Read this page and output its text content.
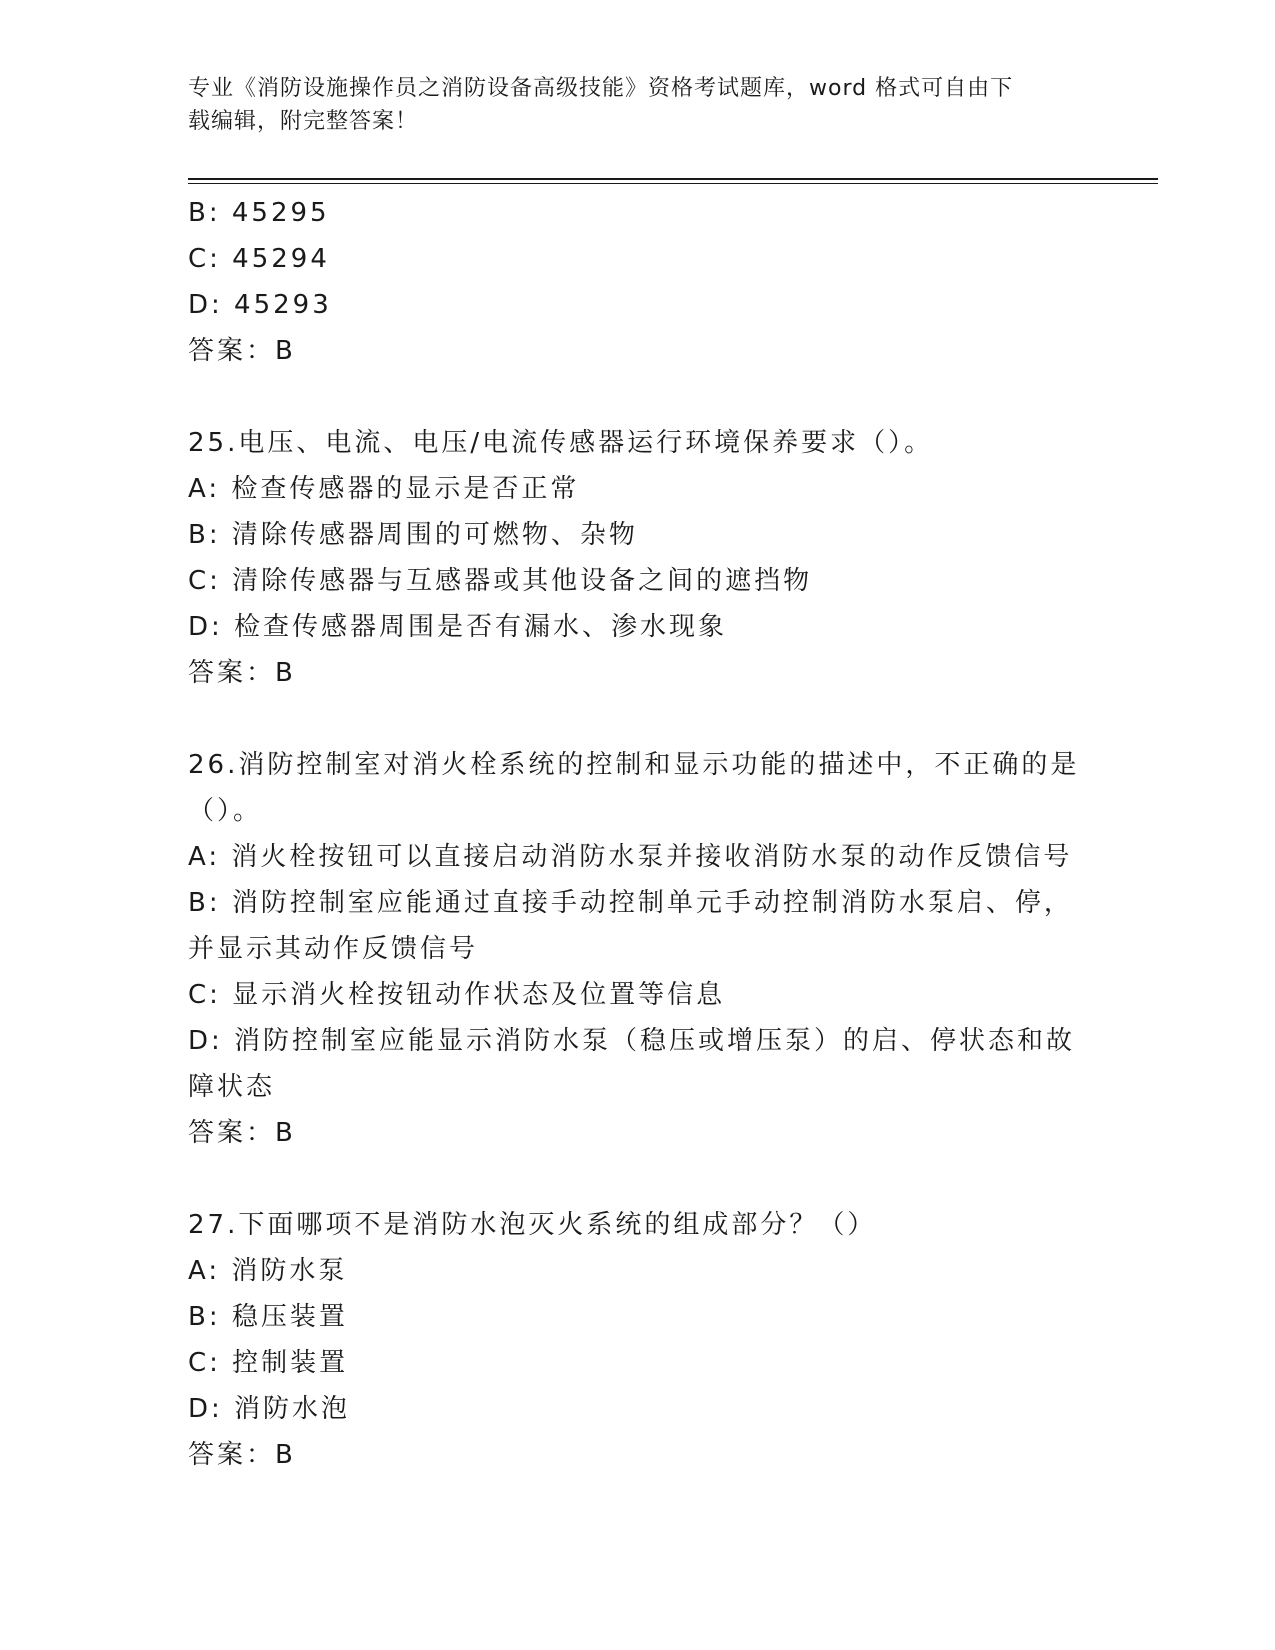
专业《消防设施操作员之消防设备高级技能》资格考试题库，word 格式可自由下
载编辑，附完整答案！
B: 45295
C: 45294
D: 45293
答案：B
25.电压、电流、电压/电流传感器运行环境保养要求（）。
A: 检查传感器的显示是否正常
B: 清除传感器周围的可燃物、杂物
C: 清除传感器与互感器或其他设备之间的遮挡物
D: 检查传感器周围是否有漏水、渗水现象
答案：B
26.消防控制室对消火栓系统的控制和显示功能的描述中，不正确的是
（）。
A: 消火栓按钮可以直接启动消防水泵并接收消防水泵的动作反馈信号
B: 消防控制室应能通过直接手动控制单元手动控制消防水泵启、停，
并显示其动作反馈信号
C: 显示消火栓按钮动作状态及位置等信息
D: 消防控制室应能显示消防水泵（稳压或增压泵）的启、停状态和故
障状态
答案：B
27.下面哪项不是消防水泡灭火系统的组成部分？（）
A: 消防水泵
B: 稳压装置
C: 控制装置
D: 消防水泡
答案：B
